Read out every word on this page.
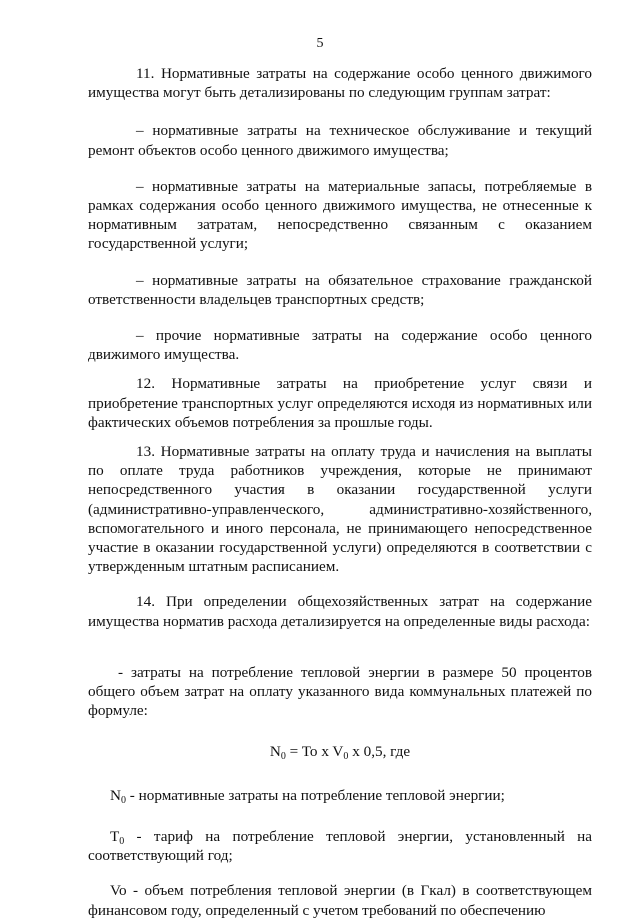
5

11. Нормативные затраты на содержание особо ценного движимого имущества могут быть детализированы по следующим группам затрат:

– нормативные затраты на техническое обслуживание и текущий ремонт объектов особо ценного движимого имущества;

– нормативные затраты на материальные запасы, потребляемые в рамках содержания особо ценного движимого имущества, не отнесенные к нормативным затратам, непосредственно связанным с оказанием государственной услуги;

– нормативные затраты на обязательное страхование гражданской ответственности владельцев транспортных средств;

– прочие нормативные затраты на содержание особо ценного движимого имущества.

12. Нормативные затраты на приобретение услуг связи и приобретение транспортных услуг определяются исходя из нормативных или фактических объемов потребления за прошлые годы.

13. Нормативные затраты на оплату труда и начисления на выплаты по оплате труда работников учреждения, которые не принимают непосредственного участия в оказании государственной услуги (административно-управленческого, административно-хозяйственного, вспомогательного и иного персонала, не принимающего непосредственное участие в оказании государственной услуги) определяются в соответствии с утвержденным штатным расписанием.

14. При определении общехозяйственных затрат на содержание имущества норматив расхода детализируется на определенные виды расхода:

- затраты на потребление тепловой энергии в размере 50 процентов общего объем затрат на оплату указанного вида коммунальных платежей по формуле:

$N_0 = To$ x $V_0$ x 0,5, где

$N_0$ - нормативные затраты на потребление тепловой энергии;

$T_0$ - тариф на потребление тепловой энергии, установленный на соответствующий год;

Vo - объем потребления тепловой энергии (в Гкал) в соответствующем финансовом году, определенный с учетом требований по обеспечению
